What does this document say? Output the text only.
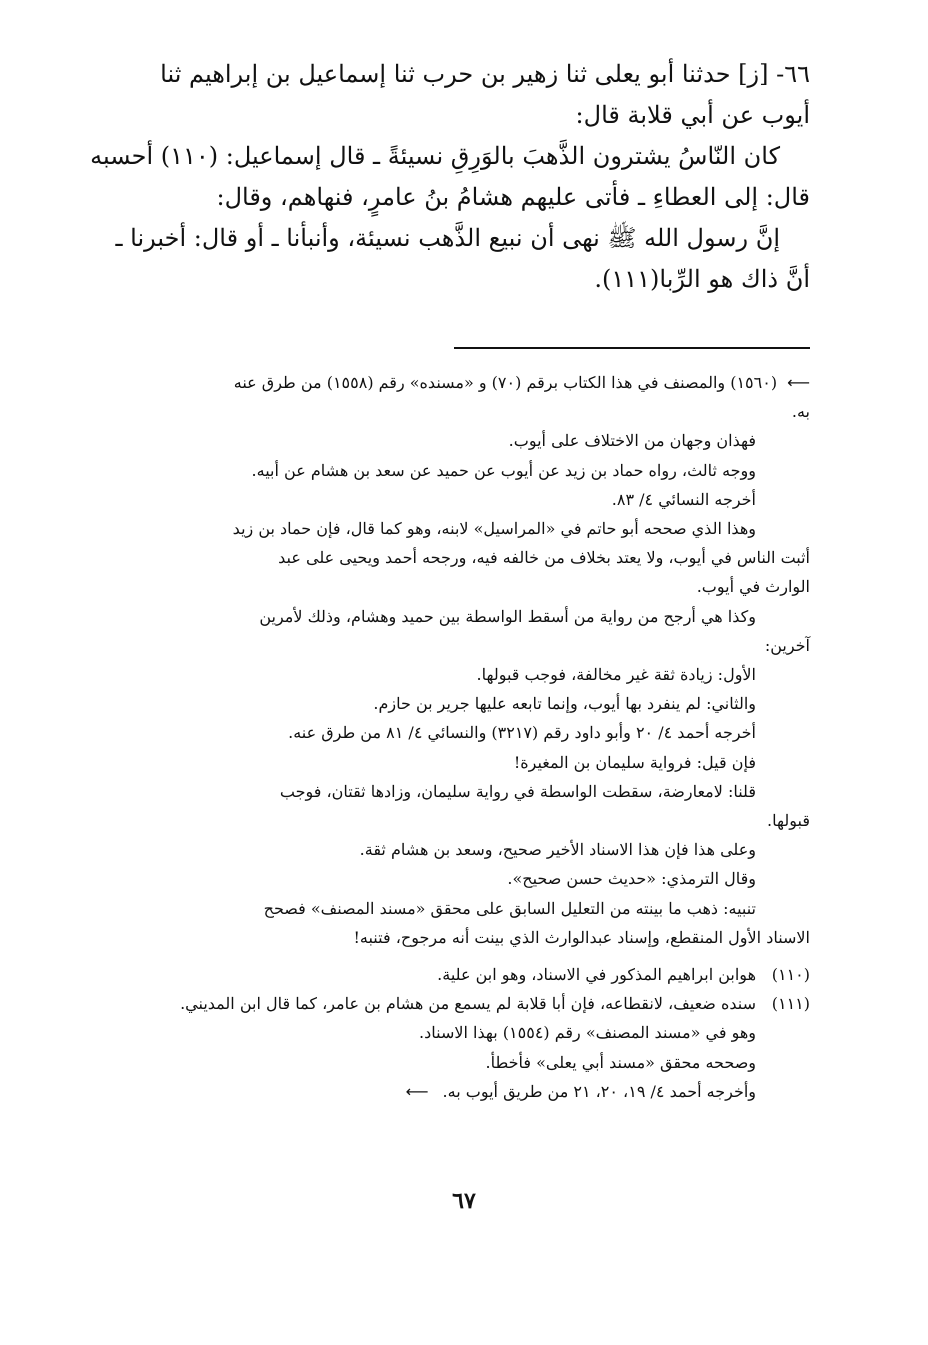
٦٦- [ز] حدثنا أبو يعلى ثنا زهير بن حرب ثنا إسماعيل بن إبراهيم ثنا
أيوب عن أبي قلابة قال:
كان النّاسُ يشترون الذَّهبَ بالوَرِقِ نسيئةً ـ قال إسماعيل: (١١٠) أحسبه
قال: إلى العطاءِ ـ فأتى عليهم هشامُ بنُ عامرٍ، فنهاهم، وقال:
إنَّ رسول الله ﷺ نهى أن نبيع الذَّهب نسيئة، وأنبأنا ـ أو قال: أخبرنا ـ
أنَّ ذاك هو الرِّبا(١١١).
⟵(١٥٦٠) والمصنف في هذا الكتاب برقم (٧٠) و «مسنده» رقم (١٥٥٨) من طرق عنه
به.
فهذان وجهان من الاختلاف على أيوب.
ووجه ثالث، رواه حماد بن زيد عن أيوب عن حميد عن سعد بن هشام عن أبيه.
أخرجه النسائي ٤/ ٨٣.
وهذا الذي صححه أبو حاتم في «المراسيل» لابنه، وهو كما قال، فإن حماد بن زيد
أثبت الناس في أيوب، ولا يعتد بخلاف من خالفه فيه، ورجحه أحمد ويحيى على عبد
الوارث في أيوب.
وكذا هي أرجح من رواية من أسقط الواسطة بين حميد وهشام، وذلك لأمرين
آخرين:
الأول: زيادة ثقة غير مخالفة، فوجب قبولها.
والثاني: لم ينفرد بها أيوب، وإنما تابعه عليها جرير بن حازم.
أخرجه أحمد ٤/ ٢٠ وأبو داود رقم (٣٢١٧) والنسائي ٤/ ٨١ من طرق عنه.
فإن قيل: فرواية سليمان بن المغيرة!
قلنا: لامعارضة، سقطت الواسطة في رواية سليمان، وزادها ثقتان، فوجب
قبولها.
وعلى هذا فإن هذا الاسناد الأخير صحيح، وسعد بن هشام ثقة.
وقال الترمذي: «حديث حسن صحيح».
تنبيه: ذهب ما بينته من التعليل السابق على محقق «مسند المصنف» فصحح
الاسناد الأول المنقطع، وإسناد عبدالوارث الذي بينت أنه مرجوح، فتنبه!
(١١٠)هوابن ابراهيم المذكور في الاسناد، وهو ابن علية.
(١١١)سنده ضعيف، لانقطاعه، فإن أبا قلابة لم يسمع من هشام بن عامر، كما قال ابن المديني.
وهو في «مسند المصنف» رقم (١٥٥٤) بهذا الاسناد.
وصححه محقق «مسند أبي يعلى» فأخطأ.
وأخرجه أحمد ٤/ ١٩، ٢٠، ٢١ من طريق أيوب به.⟵
٦٧
